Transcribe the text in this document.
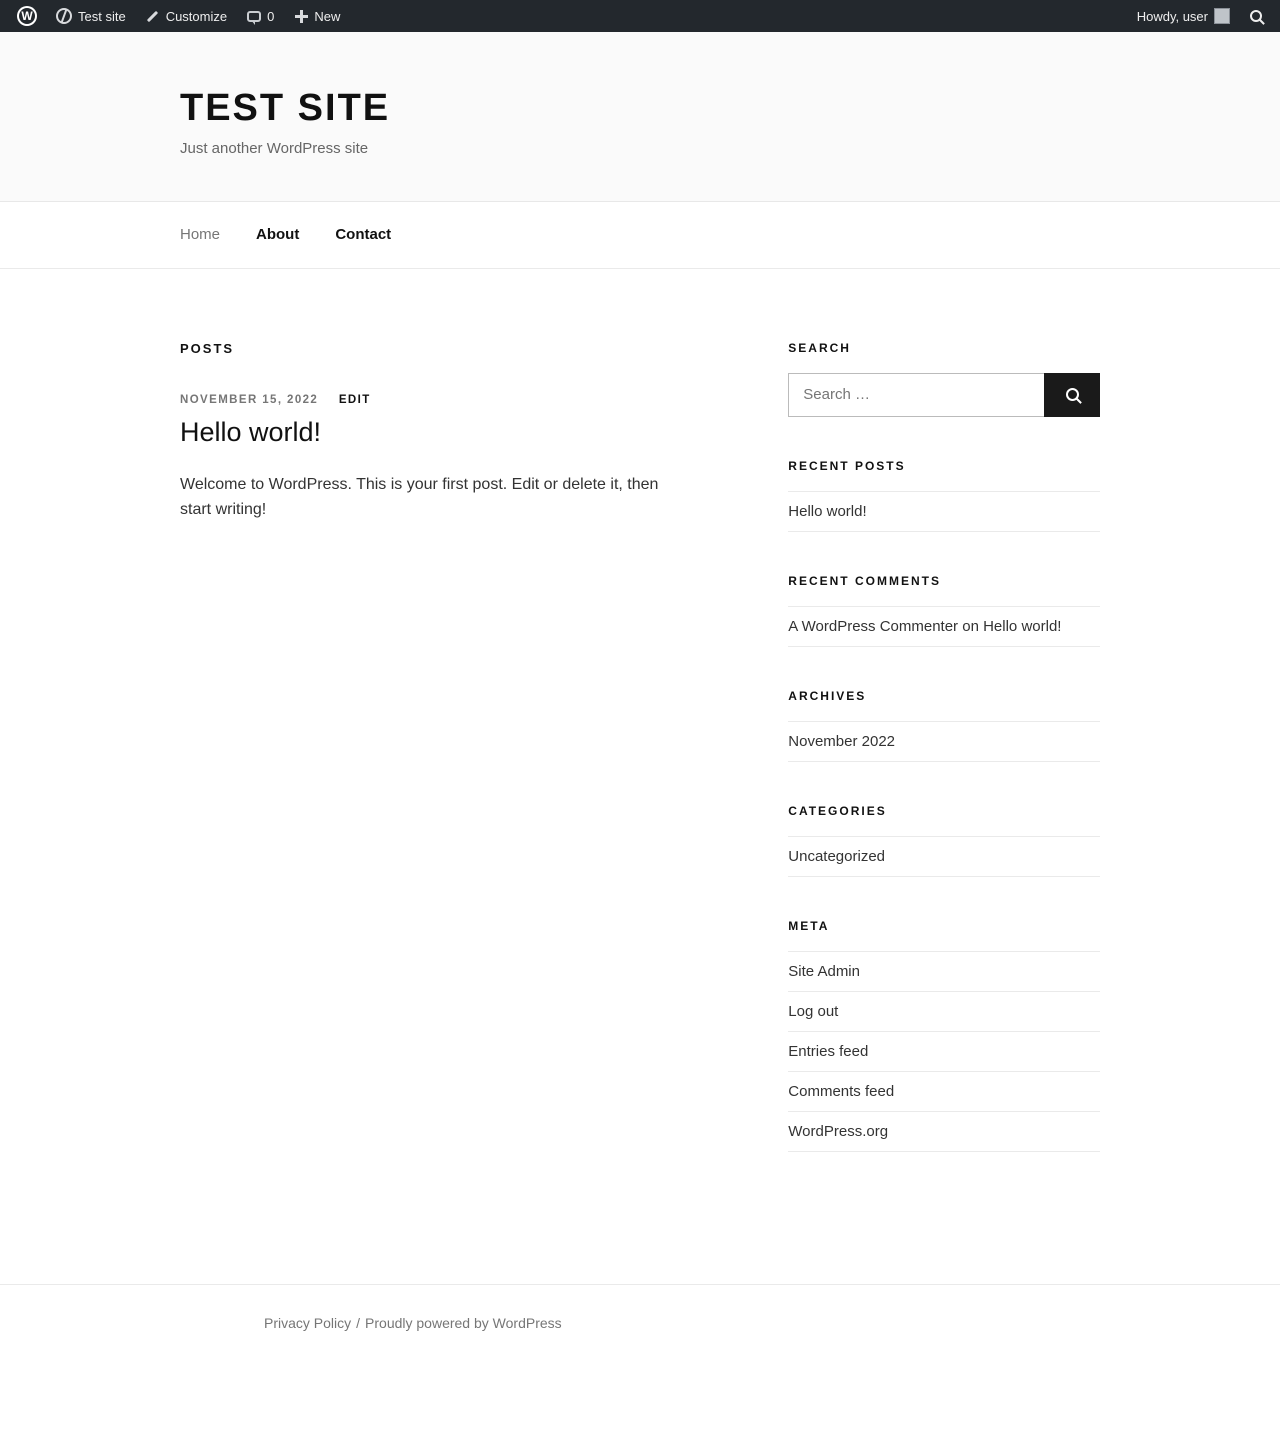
W
Test site	Customize	0	New	Howdy, user
TEST SITE

Just another WordPress site

Home About Contact
POSTS
NOVEMBER 15, 2022 EDIT
Hello world!

Welcome to WordPress. This is your first post. Edit or delete it, then start writing!

SEARCH
Search …
RECENT POSTS
Hello world!
RECENT COMMENTS
A WordPress Commenter on Hello world!
ARCHIVES
November 2022
CATEGORIES
Uncategorized
META
Site Admin
Log out
Entries feed
Comments feed
WordPress.org
Privacy Policy / Proudly powered by WordPress
